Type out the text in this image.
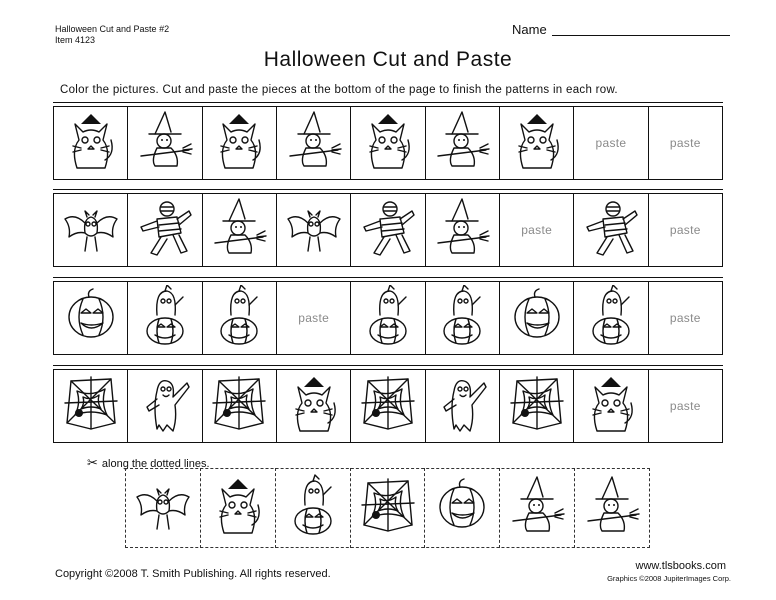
Halloween Cut and Paste #2
Item 4123
Name
Halloween Cut and Paste
Color the pictures. Cut and paste the pieces at the bottom of the page to finish the patterns in each row.
paste	paste
paste	paste
paste	paste
paste
✂ along the dotted lines.
Copyright ©2008 T. Smith Publishing. All rights reserved.
www.tlsbooks.com
Graphics ©2008 JupiterImages Corp.
